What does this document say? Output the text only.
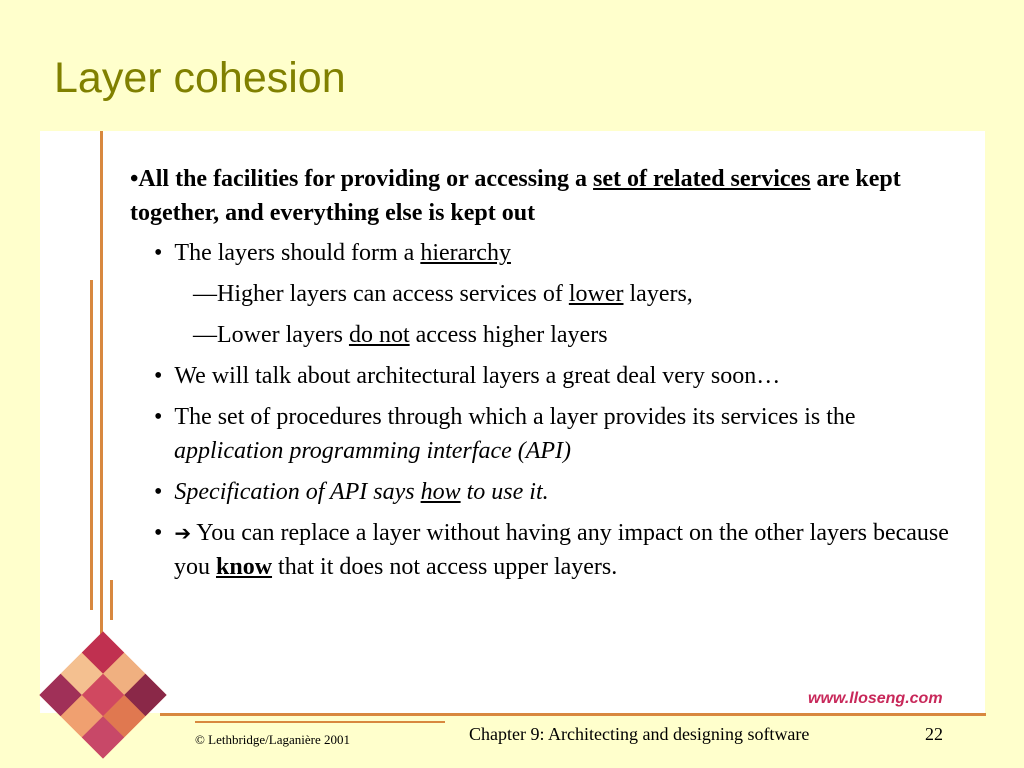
Layer cohesion
•All the facilities for providing or accessing a set of related services are kept together, and everything else is kept out
• The layers should form a hierarchy
—Higher layers can access services of lower layers,
—Lower layers do not access higher layers
• We will talk about architectural layers a great deal very soon…
• The set of procedures through which a layer provides its services is the application programming interface (API)
• Specification of API says how to use it.
• ➔ You can replace a layer without having any impact on the other layers because you know that it does not access upper layers.
www.lloseng.com
© Lethbridge/Laganière 2001	Chapter 9: Architecting and designing software	22
